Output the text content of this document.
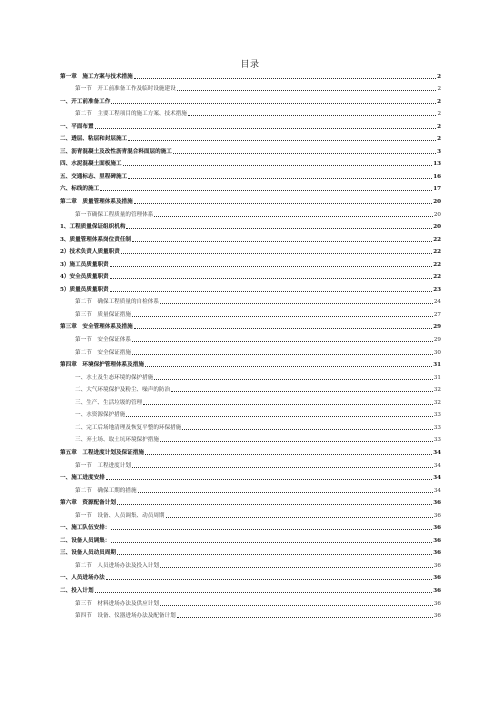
目录
第一章　施工方案与技术措施	2
第一节　开工前准备工作及临时设施建设	2
一、开工前准备工作	2
第二节　主要工程项目的施工方案、技术措施	2
一、平面布置	2
二、透层、粘层和封层施工	2
三、沥青混凝土及改性沥青混合料面层的施工	3
四、水泥混凝土面板施工	13
五、交通标志、里程碑施工	16
六、标线的施工	17
第二章　质量管理体系及措施	20
第一节确保工程质量的管理体系	20
1、工程质量保证组织机构	20
3、质量管理体系岗位责任制	22
2）技术负责人质量职责	22
3）施工员质量职责	22
4）安全员质量职责	22
5）质量员质量职责	23
第二节　确保工程质量的自检体系	24
第三节　质量保证措施	27
第三章　安全管理体系及措施	29
第一节　安全保证体系	29
第二节　安全保证措施	30
第四章　环境保护管理体系及措施	31
一、水土及生态环境的保护措施	31
二、大气环境保护及粉尘、噪声的防治	32
三、生产、生活垃圾的管理	32
一、水资源保护措施	33
二、完工后场地清理及恢复平整的环保措施	33
三、弃土场、取土坑环境保护措施	33
第五章　工程进度计划及保证措施	34
第一节　工程进度计划	34
一、施工进度安排	34
第二节　确保工期的措施	34
第六章　资源配备计划	36
第一节　设备、人员调集、动员周期	36
一、施工队伍安排：	36
二、设备人员调集：	36
三、设备人员动员周期	36
第二节　人员进场办法及投入计划	36
一、人员进场办法	36
二、投入计划	36
第三节　材料进场办法及供应计划	36
第四节　设备、仪器进场办法及配备计划	36
